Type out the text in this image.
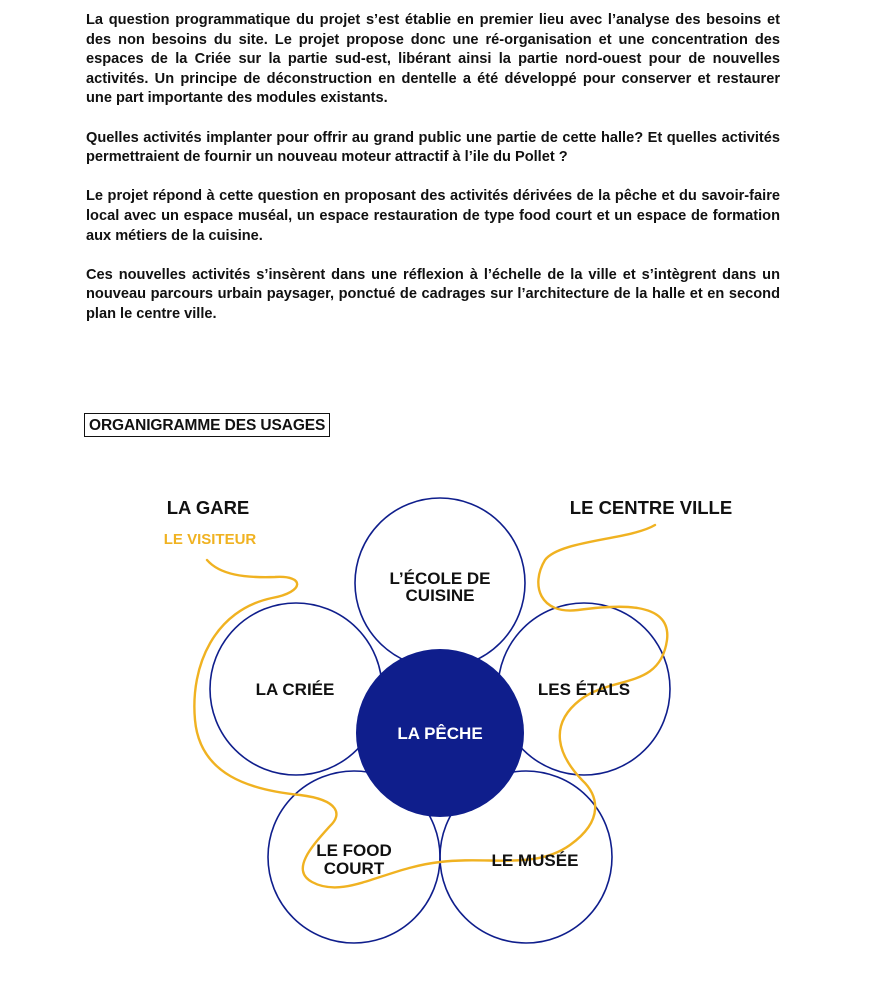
La question programmatique du projet s’est établie en premier lieu avec l’analyse des besoins et des non besoins du site. Le projet propose donc une ré-organisation et une concentration des espaces de la Criée sur la partie sud-est, libérant ainsi la partie nord-ouest pour de nouvelles activités. Un principe de déconstruction en dentelle a été développé pour conserver et restaurer une part importante des modules existants.

Quelles activités implanter pour offrir au grand public une partie de cette halle? Et quelles activités permettraient de fournir un nouveau moteur attractif à l’ile du Pollet ?

Le projet répond à cette question en proposant des activités dérivées de la pêche et du savoir-faire local avec un espace muséal, un espace restauration de type food court et un espace de formation aux métiers de la cuisine.

Ces nouvelles activités s’insèrent dans une réflexion à l’échelle de la ville et s’intègrent dans un nouveau parcours urbain paysager, ponctué de cadrages sur l’architecture de la halle et en second plan le centre ville.

ORGANIGRAMME DES USAGES
LA PÊCHE
L’ÉCOLE DE
CUISINE
LA CRIÉE	LES ÉTALS
LE FOOD
COURT	LE MUSÉE
LA GARE
LE VISITEUR
LE CENTRE VILLE
